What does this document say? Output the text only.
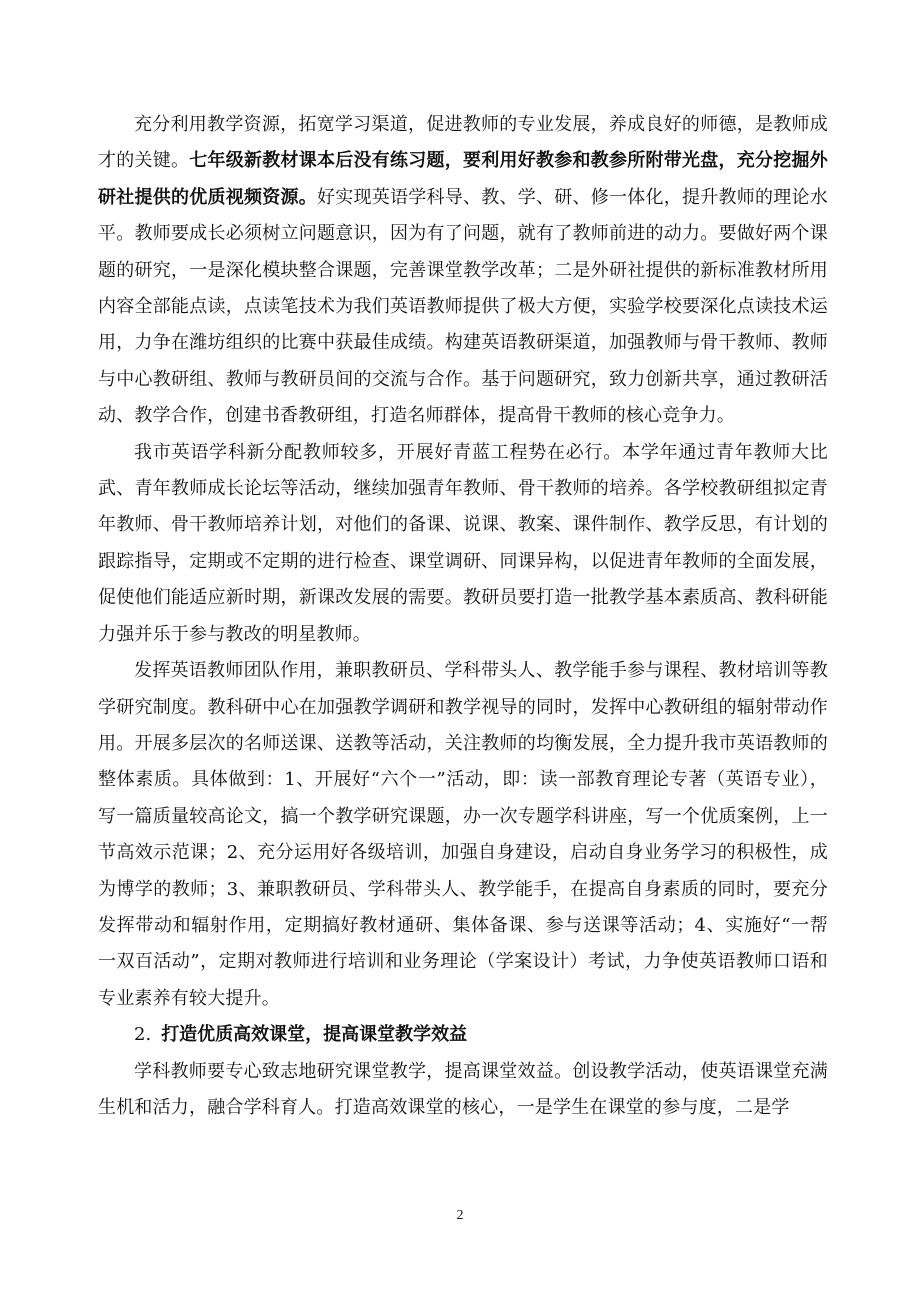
充分利用教学资源，拓宽学习渠道，促进教师的专业发展，养成良好的师德，是教师成才的关键。七年级新教材课本后没有练习题，要利用好教参和教参所附带光盘，充分挖掘外研社提供的优质视频资源。好实现英语学科导、教、学、研、修一体化，提升教师的理论水平。教师要成长必须树立问题意识，因为有了问题，就有了教师前进的动力。要做好两个课题的研究，一是深化模块整合课题，完善课堂教学改革；二是外研社提供的新标准教材所用内容全部能点读，点读笔技术为我们英语教师提供了极大方便，实验学校要深化点读技术运用，力争在潍坊组织的比赛中获最佳成绩。构建英语教研渠道，加强教师与骨干教师、教师与中心教研组、教师与教研员间的交流与合作。基于问题研究，致力创新共享，通过教研活动、教学合作，创建书香教研组，打造名师群体，提高骨干教师的核心竞争力。

我市英语学科新分配教师较多，开展好青蓝工程势在必行。本学年通过青年教师大比武、青年教师成长论坛等活动，继续加强青年教师、骨干教师的培养。各学校教研组拟定青年教师、骨干教师培养计划，对他们的备课、说课、教案、课件制作、教学反思，有计划的跟踪指导，定期或不定期的进行检查、课堂调研、同课异构，以促进青年教师的全面发展，促使他们能适应新时期，新课改发展的需要。教研员要打造一批教学基本素质高、教科研能力强并乐于参与教改的明星教师。

发挥英语教师团队作用，兼职教研员、学科带头人、教学能手参与课程、教材培训等教学研究制度。教科研中心在加强教学调研和教学视导的同时，发挥中心教研组的辐射带动作用。开展多层次的名师送课、送教等活动，关注教师的均衡发展，全力提升我市英语教师的整体素质。具体做到：1、开展好“六个一”活动，即：读一部教育理论专著（英语专业），写一篇质量较高论文，搞一个教学研究课题，办一次专题学科讲座，写一个优质案例，上一节高效示范课；2、充分运用好各级培训，加强自身建设，启动自身业务学习的积极性，成为博学的教师；3、兼职教研员、学科带头人、教学能手，在提高自身素质的同时，要充分发挥带动和辐射作用，定期搞好教材通研、集体备课、参与送课等活动；4、实施好“一帮一双百活动”，定期对教师进行培训和业务理论（学案设计）考试，力争使英语教师口语和专业素养有较大提升。

2. 打造优质高效课堂，提高课堂教学效益

学科教师要专心致志地研究课堂教学，提高课堂效益。创设教学活动，使英语课堂充满生机和活力，融合学科育人。打造高效课堂的核心，一是学生在课堂的参与度，二是学

2
